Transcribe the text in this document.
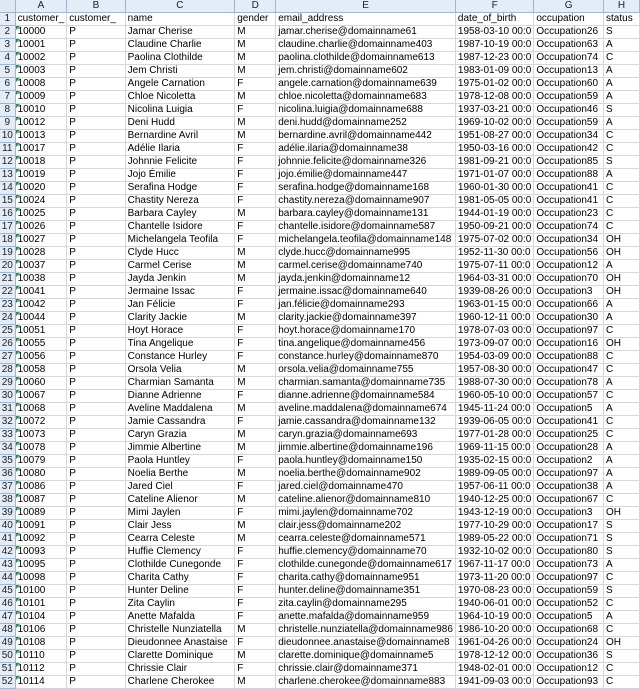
	A	B	C	D	E	F	G	H
1	customer_	customer_	name	gender	email_address	date_of_birth	occupation	status
2	10000	P	Jamar Cherise	M	jamar.cherise@domainname61	1958-03-10 00:0	Occupation26	S
3	10001	P	Claudine Charlie	M	claudine.charlie@domainname403	1987-10-19 00:0	Occupation63	A
4	10002	P	Paolina Clothilde	M	paolina.clothilde@domainname613	1987-12-23 00:0	Occupation74	C
5	10003	P	Jem Christi	M	jem.christi@domainname602	1983-01-09 00:0	Occupation13	A
6	10008	P	Angele Carnation	F	angele.carnation@domainname639	1975-01-02 00:0	Occupation60	A
7	10009	P	Chloe Nicoletta	M	chloe.nicoletta@domainname683	1978-12-08 00:0	Occupation59	A
8	10010	P	Nicolina Luigia	F	nicolina.luigia@domainname688	1937-03-21 00:0	Occupation46	S
9	10012	P	Deni Hudd	M	deni.hudd@domainname252	1969-10-02 00:0	Occupation59	A
10	10013	P	Bernardine Avril	M	bernardine.avril@domainname442	1951-08-27 00:0	Occupation34	C
11	10017	P	Adélie Ilaria	F	adélie.ilaria@domainname38	1950-03-16 00:0	Occupation42	C
12	10018	P	Johnnie Felicite	F	johnnie.felicite@domainname326	1981-09-21 00:0	Occupation85	S
13	10019	P	Jojo Émilie	F	jojo.émilie@domainname447	1971-01-07 00:0	Occupation88	A
14	10020	P	Serafina Hodge	F	serafina.hodge@domainname168	1960-01-30 00:0	Occupation41	C
15	10024	P	Chastity Nereza	F	chastity.nereza@domainname907	1981-05-05 00:0	Occupation41	C
16	10025	P	Barbara Cayley	M	barbara.cayley@domainname131	1944-01-19 00:0	Occupation23	C
17	10026	P	Chantelle Isidore	F	chantelle.isidore@domainname587	1950-09-21 00:0	Occupation74	C
18	10027	P	Michelangela Teofila	F	michelangela.teofila@domainname148	1975-07-02 00:0	Occupation34	OH
19	10028	P	Clyde Hucc	M	clyde.hucc@domainname995	1952-11-30 00:0	Occupation56	OH
20	10037	P	Carmel Cerise	M	carmel.cerise@domainname740	1975-07-11 00:0	Occupation12	A
21	10038	P	Jayda Jenkin	M	jayda.jenkin@domainname12	1964-03-31 00:0	Occupation70	OH
22	10041	P	Jermaine Issac	F	jermaine.issac@domainname640	1939-08-26 00:0	Occupation3	OH
23	10042	P	Jan Félicie	F	jan.félicie@domainname293	1963-01-15 00:0	Occupation66	A
24	10044	P	Clarity Jackie	M	clarity.jackie@domainname397	1960-12-11 00:0	Occupation30	A
25	10051	P	Hoyt Horace	F	hoyt.horace@domainname170	1978-07-03 00:0	Occupation97	C
26	10055	P	Tina Angelique	F	tina.angelique@domainname456	1973-09-07 00:0	Occupation16	OH
27	10056	P	Constance Hurley	F	constance.hurley@domainname870	1954-03-09 00:0	Occupation88	C
28	10058	P	Orsola Velia	M	orsola.velia@domainname755	1957-08-30 00:0	Occupation47	C
29	10060	P	Charmian Samanta	M	charmian.samanta@domainname735	1988-07-30 00:0	Occupation78	A
30	10067	P	Dianne Adrienne	F	dianne.adrienne@domainname584	1960-05-10 00:0	Occupation57	C
31	10068	P	Aveline Maddalena	M	aveline.maddalena@domainname674	1945-11-24 00:0	Occupation5	A
32	10072	P	Jamie Cassandra	F	jamie.cassandra@domainname132	1939-06-05 00:0	Occupation41	C
33	10073	P	Caryn Grazia	M	caryn.grazia@domainname693	1977-01-28 00:0	Occupation25	C
34	10078	P	Jimmie Albertine	M	jimmie.albertine@domainname196	1969-11-15 00:0	Occupation28	A
35	10079	P	Paola Huntley	F	paola.huntley@domainname150	1935-02-15 00:0	Occupation2	A
36	10080	P	Noelia Berthe	M	noelia.berthe@domainname902	1989-09-05 00:0	Occupation97	A
37	10086	P	Jared Ciel	F	jared.ciel@domainname470	1957-06-11 00:0	Occupation38	A
38	10087	P	Cateline Alienor	M	cateline.alienor@domainname810	1940-12-25 00:0	Occupation67	C
39	10089	P	Mimi Jaylen	F	mimi.jaylen@domainname702	1943-12-19 00:0	Occupation3	OH
40	10091	P	Clair Jess	M	clair.jess@domainname202	1977-10-29 00:0	Occupation17	S
41	10092	P	Cearra Celeste	M	cearra.celeste@domainname571	1989-05-22 00:0	Occupation71	S
42	10093	P	Huffie Clemency	F	huffie.clemency@domainname70	1932-10-02 00:0	Occupation80	S
43	10095	P	Clothilde Cunegonde	F	clothilde.cunegonde@domainname617	1967-11-17 00:0	Occupation73	A
44	10098	P	Charita Cathy	F	charita.cathy@domainname951	1973-11-20 00:0	Occupation97	C
45	10100	P	Hunter Deline	F	hunter.deline@domainname351	1970-08-23 00:0	Occupation59	S
46	10101	P	Zita Caylin	F	zita.caylin@domainname295	1940-06-01 00:0	Occupation52	C
47	10104	P	Anette Mafalda	F	anette.mafalda@domainname959	1964-10-19 00:0	Occupation5	A
48	10106	P	Christelle Nunziatella	M	christelle.nunziatella@domainname986	1986-10-20 00:0	Occupation68	C
49	10108	P	Dieudonnee Anastaise	F	dieudonnee.anastaise@domainname8	1961-04-26 00:0	Occupation24	OH
50	10110	P	Clarette Dominique	M	clarette.dominique@domainname5	1978-12-12 00:0	Occupation36	S
51	10112	P	Chrissie Clair	F	chrissie.clair@domainname371	1948-02-01 00:0	Occupation12	C
52	10114	P	Charlene Cherokee	M	charlene.cherokee@domainname883	1941-09-03 00:0	Occupation93	C
